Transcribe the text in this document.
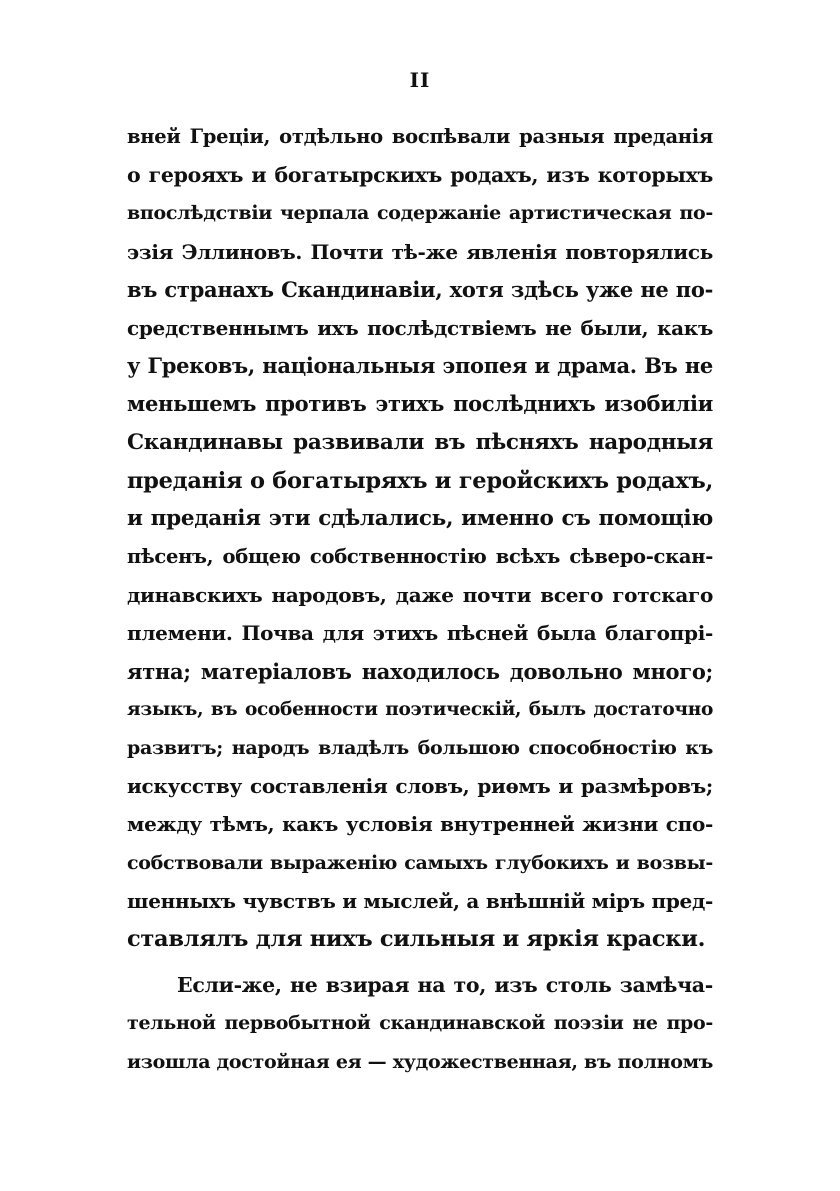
II
вней Греціи, отдѣльно воспѣвали разныя преданія
о герояхъ и богатырскихъ родахъ, изъ которыхъ
впослѣдствіи черпала содержаніе артистическая по-
эзія Эллиновъ. Почти тѣ-же явленія повторялись
въ странахъ Скандинавіи, хотя здѣсь уже не по-
средственнымъ ихъ послѣдствіемъ не были, какъ
у Грековъ, національныя эпопея и драма. Въ не
меньшемъ противъ этихъ послѣднихъ изобиліи
Скандинавы развивали въ пѣсняхъ народныя
преданія о богатыряхъ и геройскихъ родахъ,
и преданія эти сдѣлались, именно съ помощію
пѣсенъ, общею собственностію всѣхъ сѣверо-скан-
динавскихъ народовъ, даже почти всего готскаго
племени. Почва для этихъ пѣсней была благопрі-
ятна; матеріаловъ находилось довольно много;
языкъ, въ особенности поэтическій, былъ достаточно
развитъ; народъ владѣлъ большою способностію къ
искусству составленія словъ, риѳмъ и размѣровъ;
между тѣмъ, какъ условія внутренней жизни спо-
собствовали выраженію самыхъ глубокихъ и возвы-
шенныхъ чувствъ и мыслей, а внѣшній міръ пред-
ставлялъ для нихъ сильныя и яркія краски.
Если-же, не взирая на то, изъ столь замѣча-
тельной первобытной скандинавской поэзіи не про-
изошла достойная ея — художественная, въ полномъ
